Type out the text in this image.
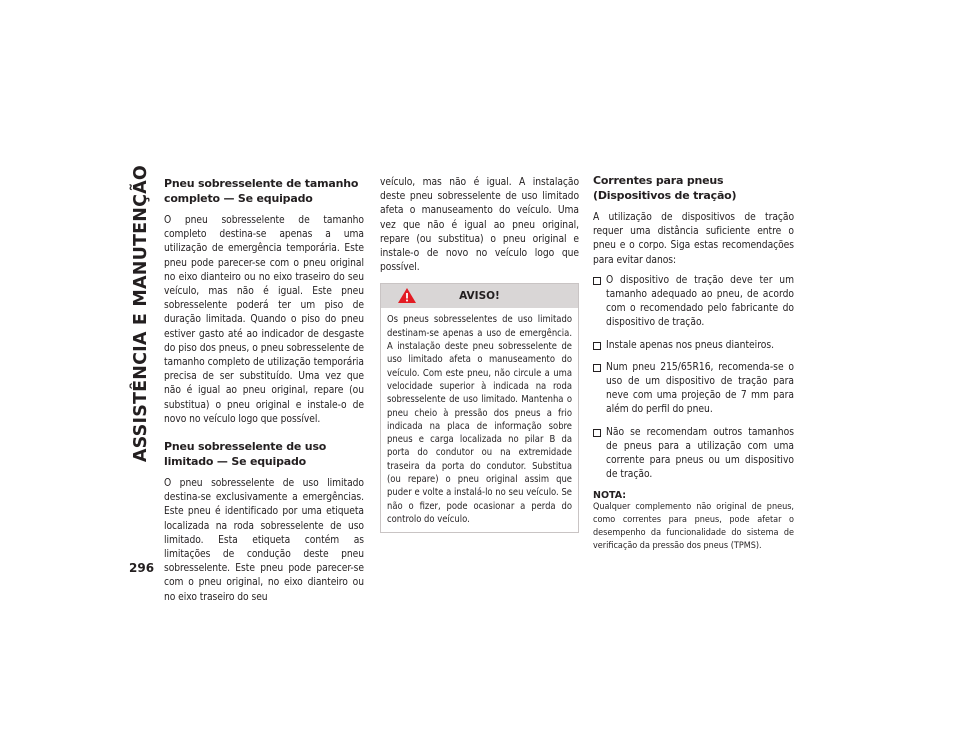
ASSISTÊNCIA E MANUTENÇÃO
296
Pneu sobresselente de tamanho completo — Se equipado

O pneu sobresselente de tamanho completo destina-se apenas a uma utilização de emergência temporária. Este pneu pode parecer-se com o pneu original no eixo dianteiro ou no eixo traseiro do seu veículo, mas não é igual. Este pneu sobresselente poderá ter um piso de duração limitada. Quando o piso do pneu estiver gasto até ao indicador de desgaste do piso dos pneus, o pneu sobresselente de tamanho completo de utilização temporária precisa de ser substituído. Uma vez que não é igual ao pneu original, repare (ou substitua) o pneu original e instale-o de novo no veículo logo que possível.

Pneu sobresselente de uso limitado — Se equipado

O pneu sobresselente de uso limitado destina-se exclusivamente a emergências. Este pneu é identificado por uma etiqueta localizada na roda sobresselente de uso limitado. Esta etiqueta contém as limitações de condução deste pneu sobresselente. Este pneu pode parecer-se com o pneu original, no eixo dianteiro ou no eixo traseiro do seu

veículo, mas não é igual. A instalação deste pneu sobresselente de uso limitado afeta o manuseamento do veículo. Uma vez que não é igual ao pneu original, repare (ou substitua) o pneu original e instale-o de novo no veículo logo que possível.

AVISO!
Os pneus sobresselentes de uso limitado destinam-se apenas a uso de emergência. A instalação deste pneu sobresselente de uso limitado afeta o manuseamento do veículo. Com este pneu, não circule a uma velocidade superior à indicada na roda sobresselente de uso limitado. Mantenha o pneu cheio à pressão dos pneus a frio indicada na placa de informação sobre pneus e carga localizada no pilar B da porta do condutor ou na extremidade traseira da porta do condutor. Substitua (ou repare) o pneu original assim que puder e volte a instalá-lo no seu veículo. Se não o fizer, pode ocasionar a perda do controlo do veículo.
Correntes para pneus (Dispositivos de tração)

A utilização de dispositivos de tração requer uma distância suficiente entre o pneu e o corpo. Siga estas recomendações para evitar danos:

O dispositivo de tração deve ter um tamanho adequado ao pneu, de acordo com o recomendado pelo fabricante do dispositivo de tração.
Instale apenas nos pneus dianteiros.
Num pneu 215/65R16, recomenda-se o uso de um dispositivo de tração para neve com uma projeção de 7 mm para além do perfil do pneu.
Não se recomendam outros tamanhos de pneus para a utilização com uma corrente para pneus ou um dispositivo de tração.
NOTA:
Qualquer complemento não original de pneus, como correntes para pneus, pode afetar o desempenho da funcionalidade do sistema de verificação da pressão dos pneus (TPMS).
